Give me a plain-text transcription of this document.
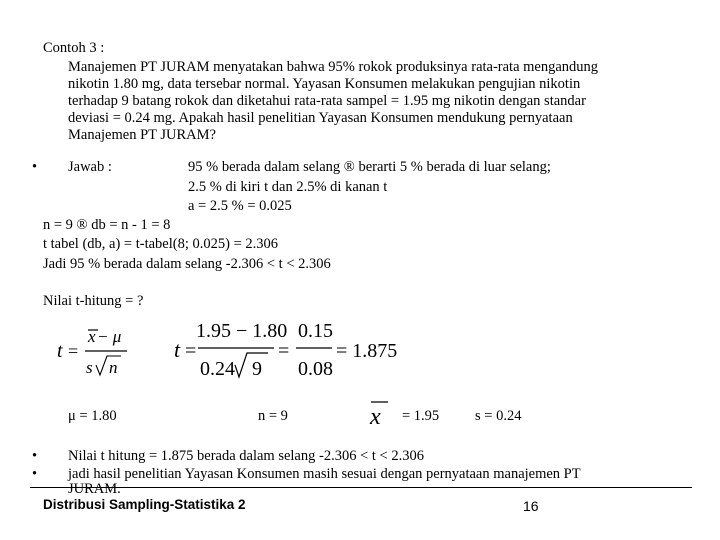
Contoh 3 :
Manajemen PT JURAM menyatakan bahwa 95% rokok produksinya rata-rata mengandung
nikotin 1.80 mg, data tersebar normal. Yayasan Konsumen melakukan pengujian nikotin
terhadap 9 batang rokok dan diketahui rata-rata sampel = 1.95 mg nikotin dengan standar
deviasi = 0.24 mg. Apakah hasil penelitian Yayasan Konsumen mendukung pernyataan
Manajemen PT JURAM?
• Jawab :	95 % berada dalam selang ® berarti 5 % berada di luar selang;
2.5 % di kiri t dan 2.5% di kanan t
a = 2.5 % = 0.025
n = 9 ® db = n - 1 = 8
t tabel (db, a) = t-tabel(8; 0.025) = 2.306
Jadi 95 % berada dalam selang -2.306 < t < 2.306
Nilai t-hitung = ?
t =
x − μ
s n
t =
1.95 − 1.80
0.24 9
=
0.15
0.08
= 1.875
μ = 1.80	n = 9	x = 1.95 s = 0.24
• Nilai t hitung = 1.875 berada dalam selang -2.306 < t < 2.306
• jadi hasil penelitian Yayasan Konsumen masih sesuai dengan pernyataan manajemen PT
JURAM.
Distribusi Sampling-Statistika 2	16
